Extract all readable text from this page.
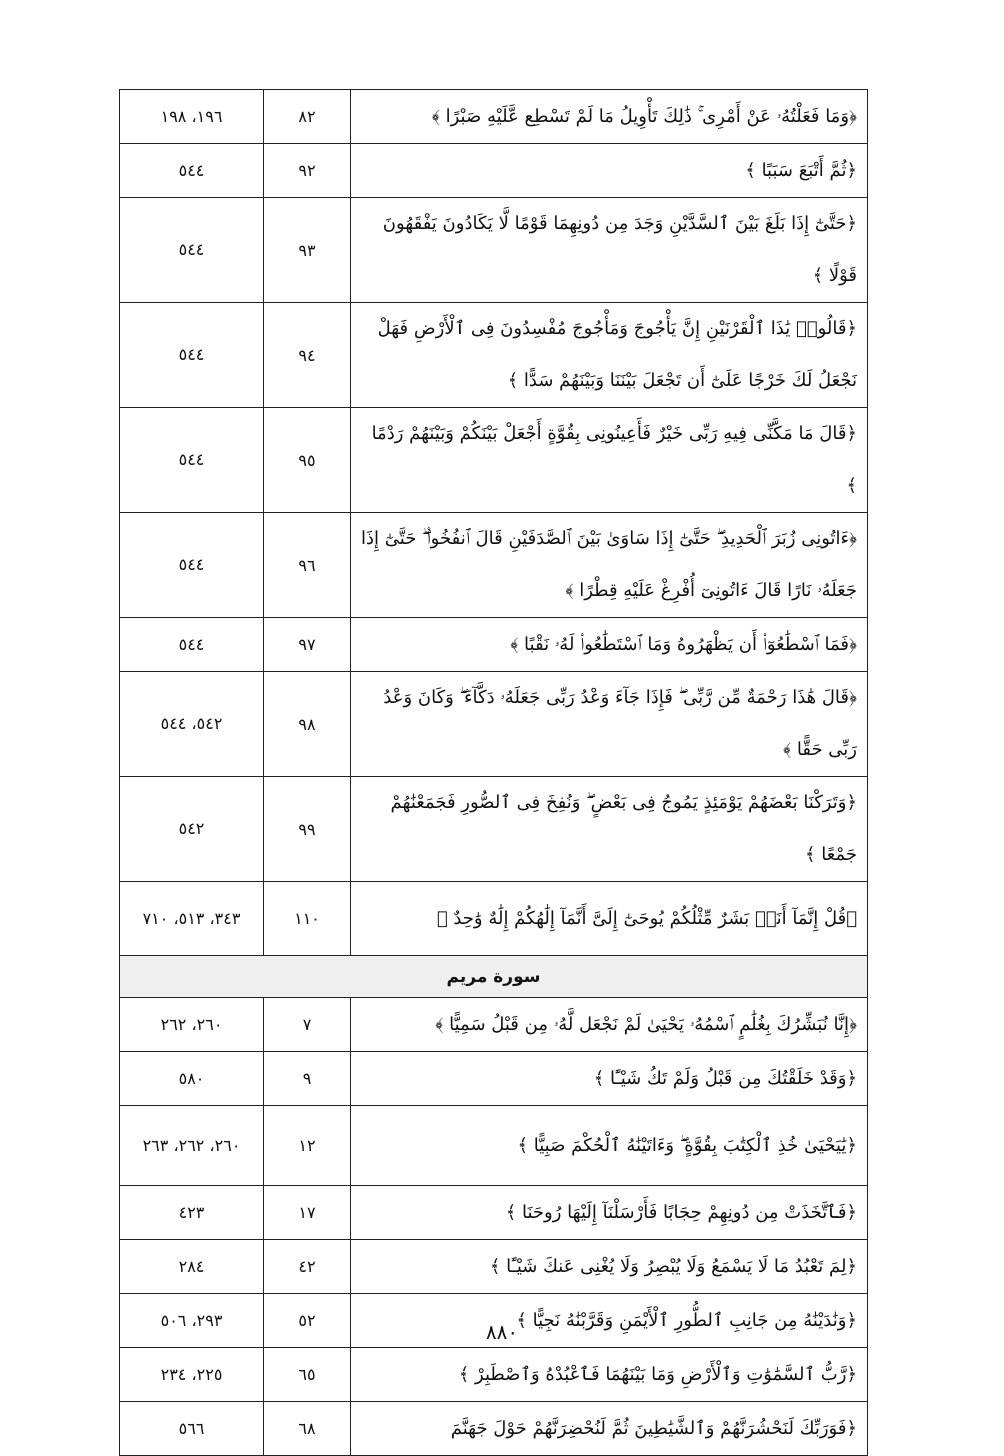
﴿وَمَا فَعَلْتُهُۥ عَنْ أَمْرِى ۚ ذَٰلِكَ تَأْوِيلُ مَا لَمْ تَسْطِع عَّلَيْهِ صَبْرًا ﴾	٨٢	١٩٦، ١٩٨
﴿ثُمَّ أَتْبَعَ سَبَبًا ﴾	٩٢	٥٤٤
﴿حَتَّىٰٓ إِذَا بَلَغَ بَيْنَ ٱلسَّدَّيْنِ وَجَدَ مِن دُونِهِمَا قَوْمًا لَّا يَكَادُونَ يَفْقَهُونَ قَوْلًا ﴾	٩٣	٥٤٤
﴿قَالُوا۟ يَٰذَا ٱلْقَرْنَيْنِ إِنَّ يَأْجُوجَ وَمَأْجُوجَ مُفْسِدُونَ فِى ٱلْأَرْضِ فَهَلْ نَجْعَلُ لَكَ خَرْجًا عَلَىٰٓ أَن تَجْعَلَ بَيْنَنَا وَبَيْنَهُمْ سَدًّا ﴾	٩٤	٥٤٤
﴿قَالَ مَا مَكَّنِّى فِيهِ رَبِّى خَيْرٌ فَأَعِينُونِى بِقُوَّةٍ أَجْعَلْ بَيْنَكُمْ وَبَيْنَهُمْ رَدْمًا ﴾	٩٥	٥٤٤
﴿ءَاتُونِى زُبَرَ ٱلْحَدِيدِ ۖ حَتَّىٰٓ إِذَا سَاوَىٰ بَيْنَ ٱلصَّدَفَيْنِ قَالَ ٱنفُخُوا۟ ۖ حَتَّىٰٓ إِذَا جَعَلَهُۥ نَارًا قَالَ ءَاتُونِىٓ أُفْرِغْ عَلَيْهِ قِطْرًا ﴾	٩٦	٥٤٤
﴿فَمَا ٱسْطَٰعُوٓا۟ أَن يَظْهَرُوهُ وَمَا ٱسْتَطَٰعُوا۟ لَهُۥ نَقْبًا ﴾	٩٧	٥٤٤
﴿قَالَ هَٰذَا رَحْمَةٌ مِّن رَّبِّى ۖ فَإِذَا جَآءَ وَعْدُ رَبِّى جَعَلَهُۥ دَكَّآءَ ۖ وَكَانَ وَعْدُ رَبِّى حَقًّا ﴾	٩٨	٥٤٢، ٥٤٤
﴿وَتَرَكْنَا بَعْضَهُمْ يَوْمَئِذٍ يَمُوجُ فِى بَعْضٍ ۖ وَنُفِخَ فِى ٱلصُّورِ فَجَمَعْنَٰهُمْ جَمْعًا ﴾	٩٩	٥٤٢
﴿قُلْ إِنَّمَآ أَنَا۠ بَشَرٌ مِّثْلُكُمْ يُوحَىٰٓ إِلَىَّ أَنَّمَآ إِلَٰهُكُمْ إِلَٰهٌ وَٰحِدٌ ﴾	١١٠	٣٤٣، ٥١٣، ٧١٠
سورة مريم		
﴿إِنَّا نُبَشِّرُكَ بِغُلَٰمٍ ٱسْمُهُۥ يَحْيَىٰ لَمْ نَجْعَل لَّهُۥ مِن قَبْلُ سَمِيًّا ﴾	٧	٢٦٠، ٢٦٢
﴿وَقَدْ خَلَقْتُكَ مِن قَبْلُ وَلَمْ تَكُ شَيْـًٔا ﴾	٩	٥٨٠
﴿يَٰيَحْيَىٰ خُذِ ٱلْكِتَٰبَ بِقُوَّةٍ ۖ وَءَاتَيْنَٰهُ ٱلْحُكْمَ صَبِيًّا ﴾	١٢	٢٦٠، ٢٦٢، ٢٦٣
﴿فَٱتَّخَذَتْ مِن دُونِهِمْ حِجَابًا فَأَرْسَلْنَآ إِلَيْهَا رُوحَنَا ﴾	١٧	٤٢٣
﴿لِمَ تَعْبُدُ مَا لَا يَسْمَعُ وَلَا يُبْصِرُ وَلَا يُغْنِى عَنكَ شَيْـًٔا ﴾	٤٢	٢٨٤
﴿وَنَٰدَيْنَٰهُ مِن جَانِبِ ٱلطُّورِ ٱلْأَيْمَنِ وَقَرَّبْنَٰهُ نَجِيًّا ﴾	٥٢	٢٩٣، ٥٠٦
﴿رَّبُّ ٱلسَّمَٰوَٰتِ وَٱلْأَرْضِ وَمَا بَيْنَهُمَا فَٱعْبُدْهُ وَٱصْطَبِرْ ﴾	٦٥	٢٢٥، ٢٣٤
﴿فَوَرَبِّكَ لَنَحْشُرَنَّهُمْ وَٱلشَّيَٰطِينَ ثُمَّ لَنُحْضِرَنَّهُمْ حَوْلَ جَهَنَّمَ	٦٨	٥٦٦
٨٨٠
